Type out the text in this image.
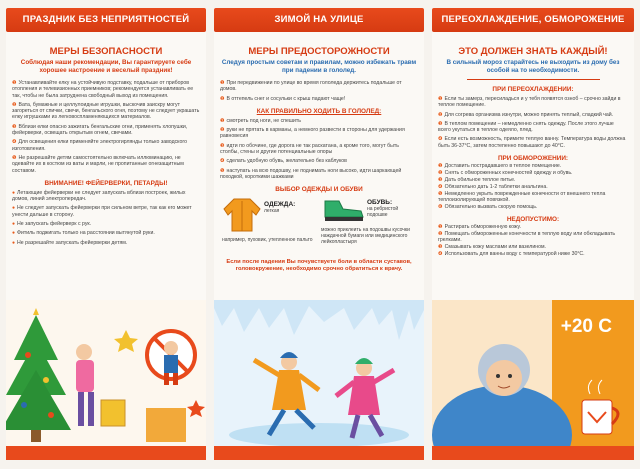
ПРАЗДНИК БЕЗ НЕПРИЯТНОСТЕЙ
МЕРЫ БЕЗОПАСНОСТИ
Соблюдая наши рекомендации, Вы гарантируете себе хорошее настроение и веселый праздник!
❶ Устанавливайте елку на устойчивую подставку, подальше от приборов отопления и телевизионных приемников; рекомендуется устанавливать ее так, чтобы не была затруднена свободный выход из помещения.
❷ Вата, бумажные и целлулоидные игрушки, выскочив заискру могут загореться от спички, свечи, бенгальского огня, поэтому не следует украшать елку игрушками из легковоспламеняющихся материалов.
❸ Вблизи елки опасно зажигать бенгальские огни, применять хлопушки, фейерверки, освещать открытым огнем, свечами.
❹ Для освещения елки применяйте электрогирлянды только заводского изготовления.
❺ Не разрешайте детям самостоятельно включать иллюминацию, не одевайте их в костюм из ваты и марли, не пропитанные огнезащитным составом.
ВНИМАНИЕ! ФЕЙЕРВЕРКИ, ПЕТАРДЫ!
● Летающие фейерверки не следует запускать вблизи построек, жилых домов, линий электропередач.
● Не следует запускать фейерверки при сильном ветре, так как его может унести дальше в сторону.
● Не запускать фейерверк с рук.
● Фитиль поджигать только на расстоянии вытянутой руки.
● Не разрешайте запускать фейерверки детям.
ЗИМОЙ НА УЛИЦЕ
МЕРЫ ПРЕДОСТОРОЖНОСТИ
Следуя простым советам и правилам, можно избежать травм при падении в гололед.
❶ При передвижении по улице во время гололеда держитесь подальше от домов.
❷ В оттепель снег и сосульки с крыш падают чаще!
КАК ПРАВИЛЬНО ХОДИТЬ В ГОЛОЛЕД:
❶ смотреть под ноги, не спешить
❷ руки не прятать в карманы, а немного развести в стороны для удержания равновесия
❸ идти по обочине, где дорога не так раскатана, а кроме того, могут быть столбы, стены и другие потенциальные опоры
❹ сделать удобную обувь, желательно без каблуков
❺ наступать на всю подошву, не поднимать ноги высоко, идти шаркающей походкой, короткими шажками
ВЫБОР ОДЕЖДЫ И ОБУВИ
ОДЕЖДА:
легкая
например, пуховик, утепленное пальто
ОБУВЬ:
на ребристой подошве
можно приклеить на подошвы кусочки наждачной бумаги или медицинского лейкопластыря
Если после падения Вы почувствуете боли в области суставов, головокружение, необходимо срочно обратиться к врачу.
ПЕРЕОХЛАЖДЕНИЕ, ОБМОРОЖЕНИЕ
ЭТО ДОЛЖЕН ЗНАТЬ КАЖДЫЙ!
В сильный мороз старайтесь не выходить из дому без особой на то необходимости.
ПРИ ПЕРЕОХЛАЖДЕНИИ:
❶ Если ты замерз, пересиладься и у тебя появятся озноб – срочно зайди в теплое помещение.
❷ Для согрева организма изнутри, можно принять теплый, сладкий чай.
❸ В теплом помещении – немедленно снять одежду. После этого лучше всего укутаться в теплое одеяло, плед.
❹ Если есть возможность, примите теплую ванну. Температура воды должна быть 36-37°С, затем постепенно повышают до 40°С.
ПРИ ОБМОРОЖЕНИИ:
❶ Доставить пострадавшего в теплое помещение.
❷ Снять с обмороженных конечностей одежду и обувь.
❸ Дать обильное теплое питье.
❹ Обязательно дать 1-2 таблетки анальгина.
❺ Немедленно укрыть поврежденные конечности от внешнего тепла теплоизолирующей повязкой.
❻ Обязательно вызвать скорую помощь.
НЕДОПУСТИМО:
❶ Растирать обмороженную кожу.
❷ Помещать обмороженные конечности в теплую воду или обкладывать грелками.
❸ Смазывать кожу маслами или вазелином.
❹ Использовать для ванны воду с температурой ниже 30°С.
+20 С
